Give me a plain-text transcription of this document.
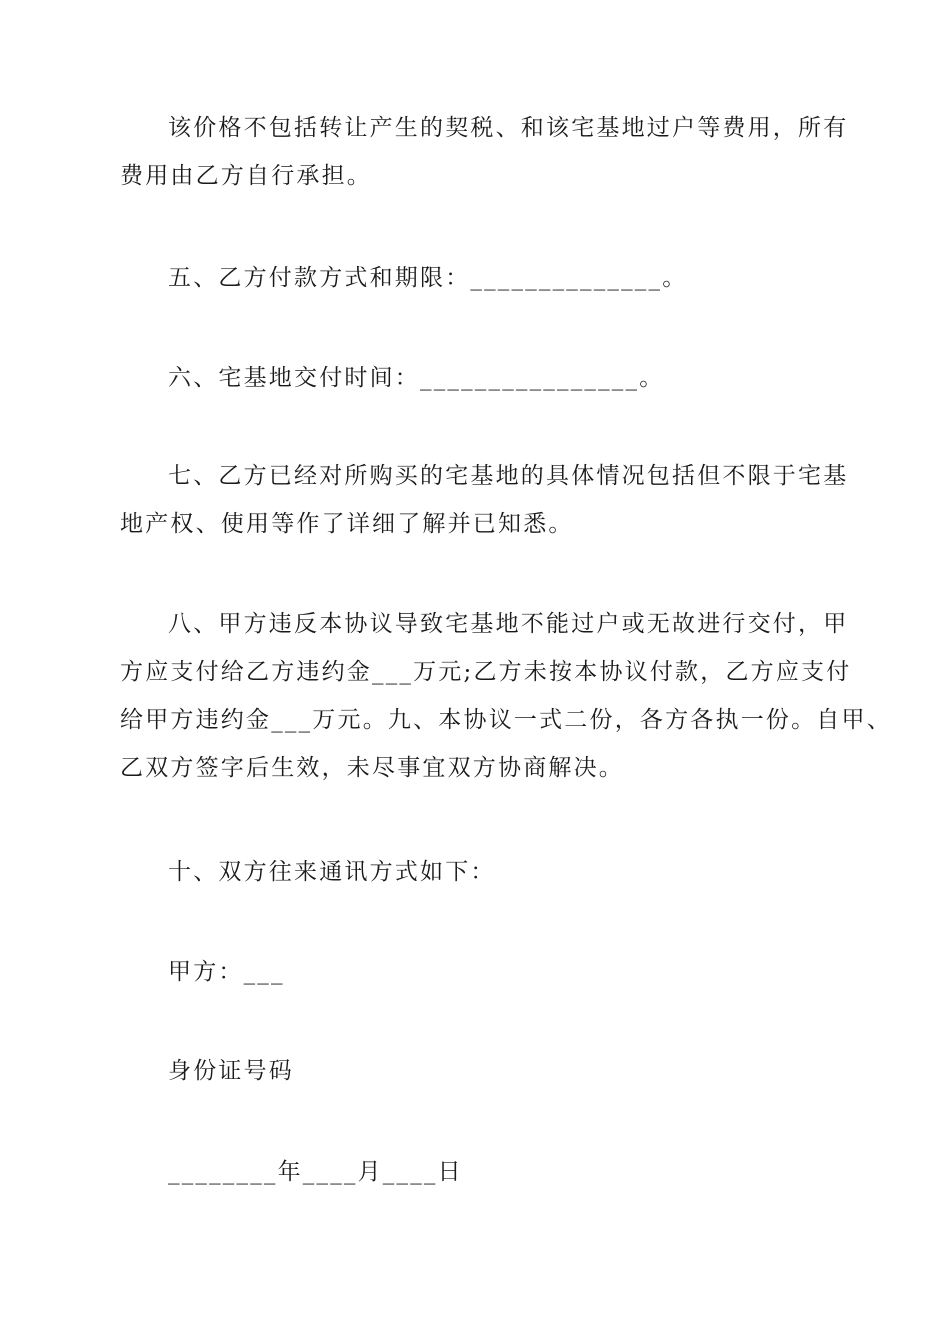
该价格不包括转让产生的契税、和该宅基地过户等费用，所有
费用由乙方自行承担。

五、乙方付款方式和期限：______________。

六、宅基地交付时间：________________。

七、乙方已经对所购买的宅基地的具体情况包括但不限于宅基
地产权、使用等作了详细了解并已知悉。

八、甲方违反本协议导致宅基地不能过户或无故进行交付，甲
方应支付给乙方违约金___万元;乙方未按本协议付款，乙方应支付
给甲方违约金___万元。九、本协议一式二份，各方各执一份。自甲、
乙双方签字后生效，未尽事宜双方协商解决。

十、双方往来通讯方式如下：

甲方：___

身份证号码

________年____月____日
